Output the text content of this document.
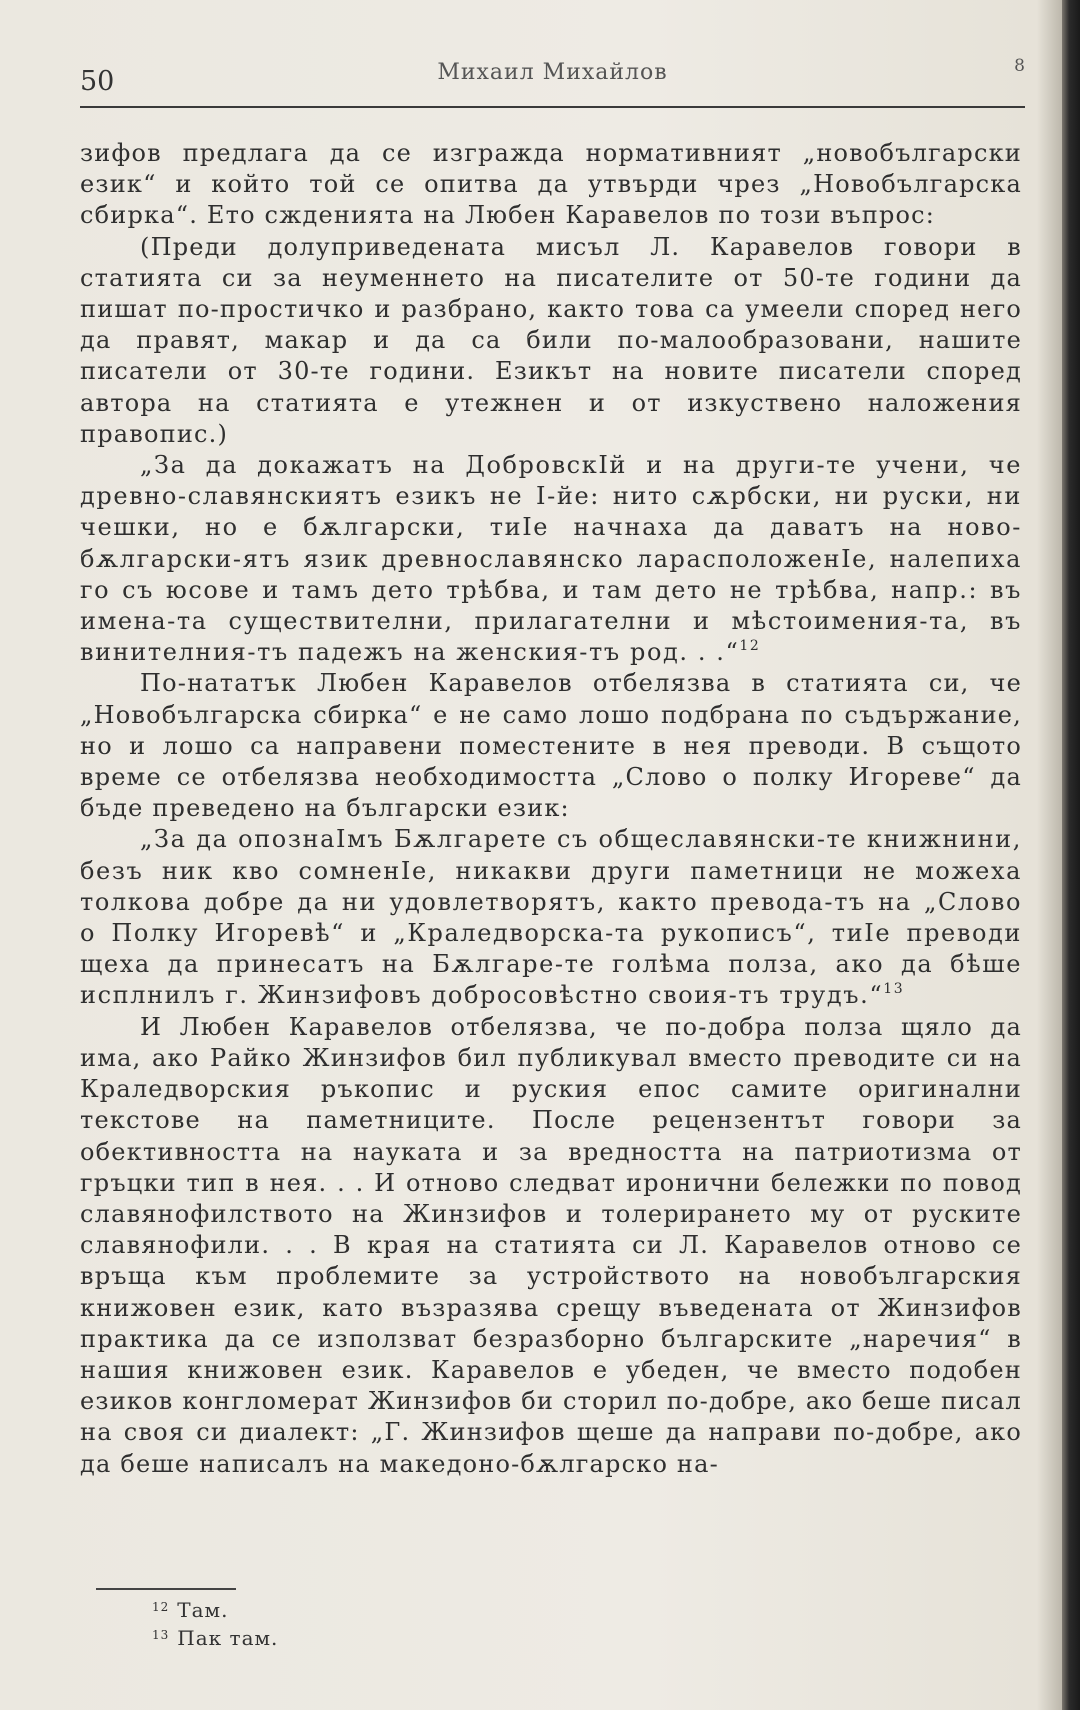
50	Михаил Михайлов	8

зифов предлага да се изгражда нормативният „новобългарски език“ и който той се опитва да утвърди чрез „Новобългарска сбирка“. Ето сжденията на Любен Каравелов по този въпрос:

(Преди долуприведената мисъл Л. Каравелов говори в статията си за неуменнето на писателите от 50-те години да пишат по-простичко и разбрано, както това са умеели според него да правят, макар и да са били по-малообразовани, нашите писатели от 30-те години. Езикът на новите писатели според автора на статията е утежнен и от изкуствено наложения правопис.)

„За да докажатъ на ДобровскІй и на други-те учени, че древно-славянскиятъ езикъ не І-йе: нито сѫрбски, ни руски, ни чешки, но е бѫлгарски, тиІе начнаха да даватъ на ново-бѫлгарски-ятъ язик древнославянско ларасположенІе, налепиха го съ юсове и тамъ дето трѣбва, и там дето не трѣбва, напр.: въ имена-та существителни, прилагателни и мѣстоимения-та, въ винителния-тъ падежъ на женския-тъ род. . .“$^{12}$

По-нататък Любен Каравелов отбелязва в статията си, че „Новобългарска сбирка“ е не само лошо подбрана по съдържание, но и лошо са направени поместените в нея преводи. В същото време се отбелязва необходимостта „Слово о полку Игореве“ да бъде преведено на български език:

„За да опознаІмъ Бѫлгарете съ общеславянски-те книжнини, безъ ник кво сомненІе, никакви други паметници не можеха толкова добре да ни удовлетворятъ, както превода-тъ на „Слово о Полку Игоревѣ“ и „Краледворска-та рукописъ“, тиІе преводи щеха да принесатъ на Бѫлгаре-те голѣма полза, ако да бѣше исплнилъ г. Жинзифовъ добросовѣстно своия-тъ трудъ.“$^{13}$

И Любен Каравелов отбелязва, че по-добра полза щяло да има, ако Райко Жинзифов бил публикувал вместо преводите си на Краледворския ръкопис и руския епос самите оригинални текстове на паметниците. После рецензентът говори за обективността на науката и за вредността на патриотизма от гръцки тип в нея. . . И отново следват иронични бележки по повод славянофилството на Жинзифов и толерирането му от руските славянофили. . . В края на статията си Л. Каравелов отново се връща към проблемите за устройството на новобългарския книжовен език, като възразява срещу въведената от Жинзифов практика да се използват безразборно българските „наречия“ в нашия книжовен език. Каравелов е убеден, че вместо подобен езиков конгломерат Жинзифов би сторил по-добре, ако беше писал на своя си диалект: „Г. Жинзифов щеше да направи по-добре, ако да беше написалъ на македоно-бѫлгарско на-

$^{12}$ Там.
$^{13}$ Пак там.
